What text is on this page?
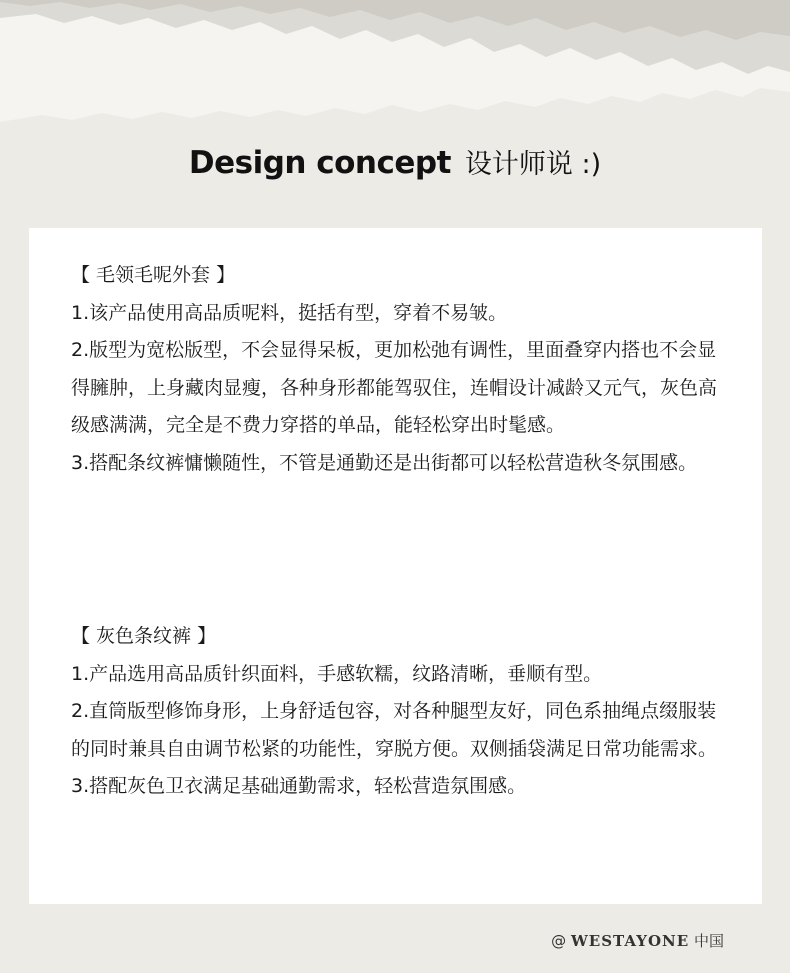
Design concept 设计师说 :)

【 毛领毛呢外套 】

1.该产品使用高品质呢料，挺括有型，穿着不易皱。

2.版型为宽松版型，不会显得呆板，更加松弛有调性，里面叠穿内搭也不会显得臃肿，上身藏肉显瘦，各种身形都能驾驭住，连帽设计减龄又元气，灰色高级感满满，完全是不费力穿搭的单品，能轻松穿出时髦感。

3.搭配条纹裤慵懒随性，不管是通勤还是出街都可以轻松营造秋冬氛围感。

【 灰色条纹裤 】

1.产品选用高品质针织面料，手感软糯，纹路清晰，垂顺有型。

2.直筒版型修饰身形，上身舒适包容，对各种腿型友好，同色系抽绳点缀服装的同时兼具自由调节松紧的功能性，穿脱方便。双侧插袋满足日常功能需求。

3.搭配灰色卫衣满足基础通勤需求，轻松营造氛围感。

@ WESTAYONE 中国
